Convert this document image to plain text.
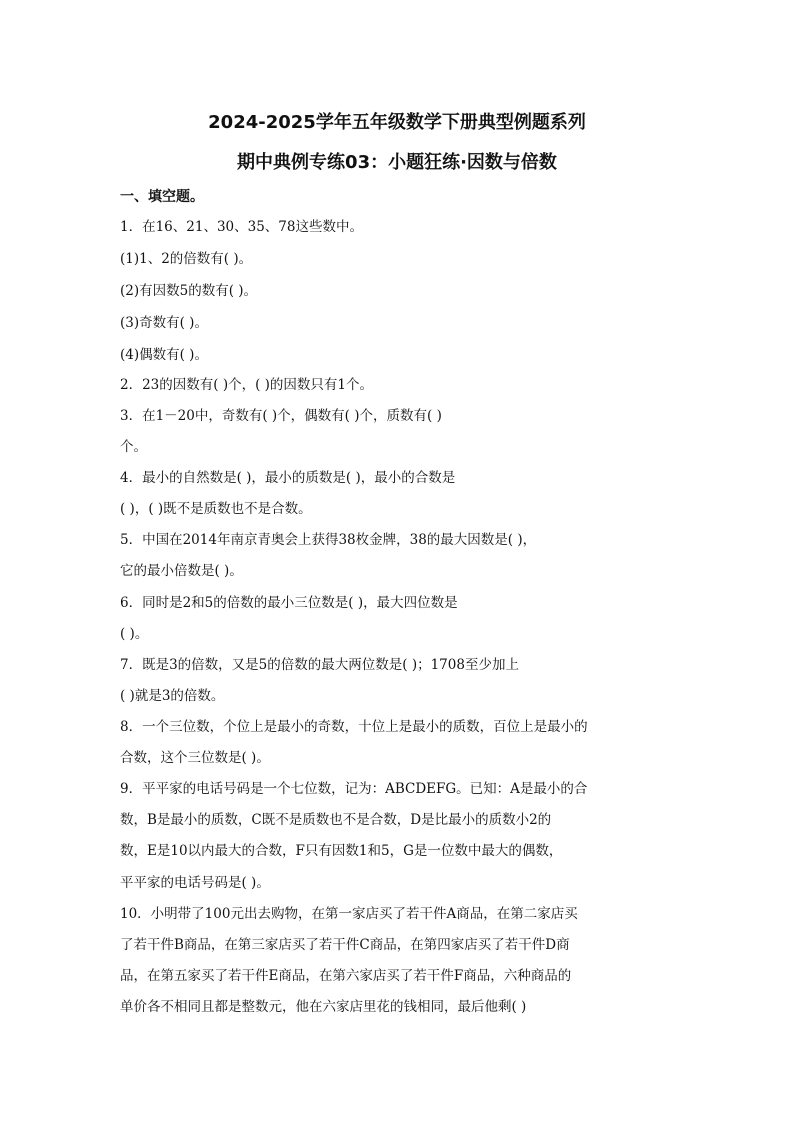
2024-2025学年五年级数学下册典型例题系列
期中典例专练03：小题狂练·因数与倍数
一、填空题。
1．在16、21、30、35、78这些数中。
(1)1、2的倍数有( )。
(2)有因数5的数有( )。
(3)奇数有( )。
(4)偶数有( )。
2．23的因数有( )个，( )的因数只有1个。
3．在1－20中，奇数有( )个，偶数有( )个，质数有( )
个。
4．最小的自然数是( )，最小的质数是( )，最小的合数是
( )，( )既不是质数也不是合数。
5．中国在2014年南京青奥会上获得38枚金牌，38的最大因数是( )，
它的最小倍数是( )。
6．同时是2和5的倍数的最小三位数是( )，最大四位数是
( )。
7．既是3的倍数，又是5的倍数的最大两位数是( )；1708至少加上
( )就是3的倍数。
8．一个三位数，个位上是最小的奇数，十位上是最小的质数，百位上是最小的
合数，这个三位数是( )。
9．平平家的电话号码是一个七位数，记为：ABCDEFG。已知：A是最小的合
数，B是最小的质数，C既不是质数也不是合数，D是比最小的质数小2的
数，E是10以内最大的合数，F只有因数1和5，G是一位数中最大的偶数，
平平家的电话号码是( )。
10．小明带了100元出去购物，在第一家店买了若干件A商品，在第二家店买
了若干件B商品，在第三家店买了若干件C商品，在第四家店买了若干件D商
品，在第五家买了若干件E商品，在第六家店买了若干件F商品，六种商品的
单价各不相同且都是整数元，他在六家店里花的钱相同，最后他剩( )
